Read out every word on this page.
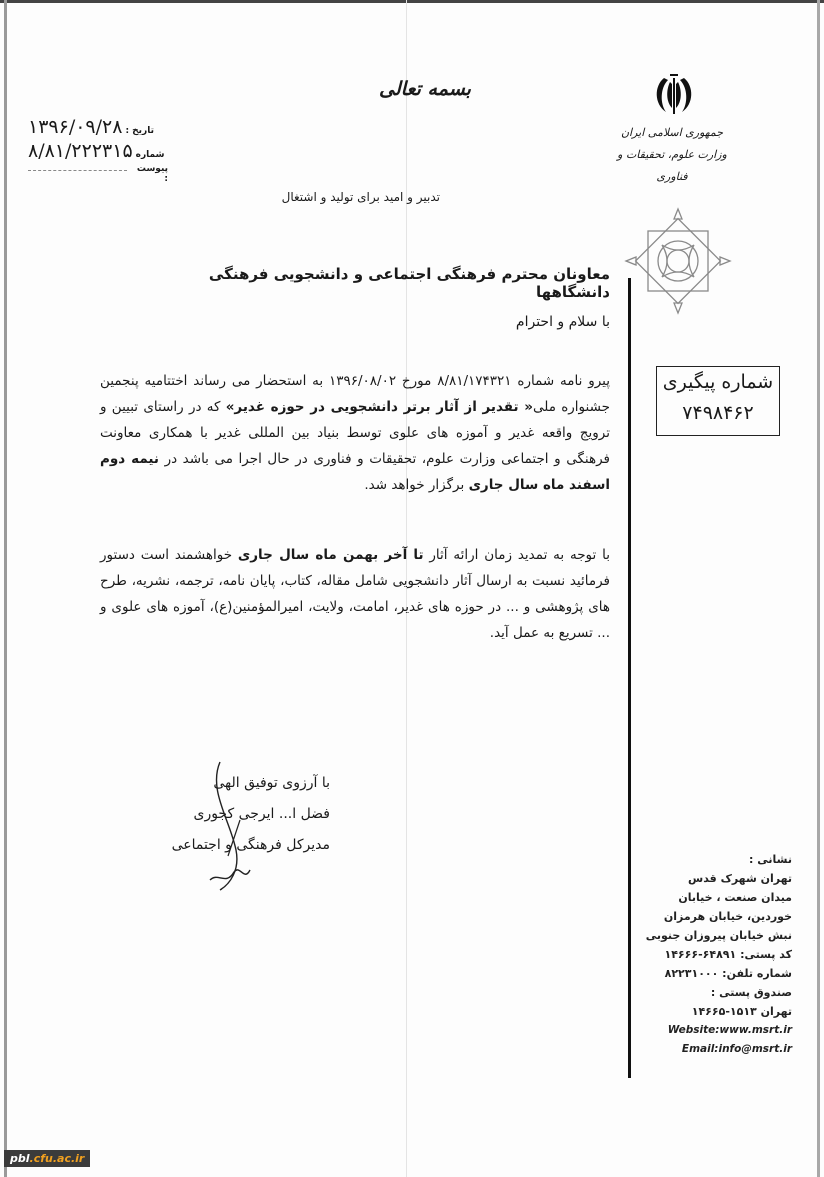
بسمه تعالی
تاریخ :
۱۳۹۶/۰۹/۲۸
شماره
۸/۸۱/۲۲۲۳۱۵
پیوست :
تدبیر و امید برای تولید و اشتغال
جمهوری اسلامی ایران
وزارت علوم، تحقیقات و فناوری
شماره پیگیری
۷۴۹۸۴۶۲
معاونان محترم فرهنگی اجتماعی و دانشجویی فرهنگی دانشگاهها
با سلام و احترام
پیرو نامه شماره ۸/۸۱/۱۷۴۳۲۱ مورخ ۱۳۹۶/۰۸/۰۲ به استحضار می رساند اختتامیه پنجمین جشنواره ملی« تقدیر از آثار برتر دانشجویی در حوزه غدیر» که در راستای تبیین و ترویج واقعه غدیر و آموزه های علوی توسط بنیاد بین المللی غدیر با همکاری معاونت فرهنگی و اجتماعی وزارت علوم، تحقیقات و فناوری در حال اجرا می باشد در نیمه دوم اسفند ماه سال جاری برگزار خواهد شد.
با توجه به تمدید زمان ارائه آثار تا آخر بهمن ماه سال جاری خواهشمند است دستور فرمائید نسبت به ارسال آثار دانشجویی شامل مقاله، کتاب، پایان نامه، ترجمه، نشریه، طرح های پژوهشی و ... در حوزه های غدیر، امامت، ولایت، امیرالمؤمنین(ع)، آموزه های علوی و ... تسریع به عمل آید.
با آرزوی توفیق الهی
فضل ا... ایرجی کجوری
مدیرکل فرهنگی و اجتماعی
نشانی :
تهران شهرک قدس
میدان صنعت ، خیابان
خوردین، خیابان هرمزان
نبش خیابان پیروزان جنوبی
کد پستی: ۶۴۸۹۱-۱۴۶۶۶
شماره تلفن: ۸۲۲۳۱۰۰۰
صندوق پستی :
تهران ۱۵۱۳-۱۴۶۶۵
Website:www.msrt.ir
Email:info@msrt.ir
pbl.cfu.ac.ir
